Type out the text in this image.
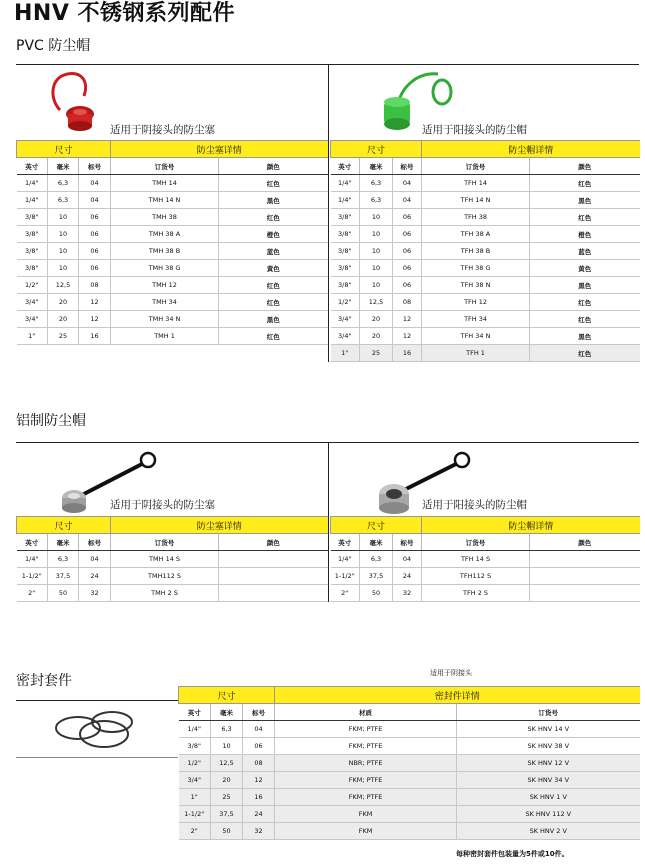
HNV 不锈钢系列配件
PVC 防尘帽
铝制防尘帽
密封套件
适用于阴接头的防尘塞	适用于阳接头的防尘帽
尺寸			防尘塞详情	
英寸	毫米	标号	订货号	颜色
1/4"	6,3	04	TMH 14	红色
1/4"	6,3	04	TMH 14 N	黑色
3/8"	10	06	TMH 38	红色
3/8"	10	06	TMH 38 A	橙色
3/8"	10	06	TMH 38 B	蓝色
3/8"	10	06	TMH 38 G	黄色
1/2"	12,5	08	TMH 12	红色
3/4"	20	12	TMH 34	红色
3/4"	20	12	TMH 34 N	黑色
1"	25	16	TMH 1	红色
尺寸			防尘帽详情	
英寸	毫米	标号	订货号	颜色
1/4"	6,3	04	TFH 14	红色
1/4"	6,3	04	TFH 14 N	黑色
3/8"	10	06	TFH 38	红色
3/8"	10	06	TFH 38 A	橙色
3/8"	10	06	TFH 38 B	蓝色
3/8"	10	06	TFH 38 G	黄色
3/8"	10	06	TFH 38 N	黑色
1/2"	12,5	08	TFH 12	红色
3/4"	20	12	TFH 34	红色
3/4"	20	12	TFH 34 N	黑色
1"	25	16	TFH 1	红色
适用于阴接头的防尘塞	适用于阳接头的防尘帽
尺寸			防尘塞详情	
英寸	毫米	标号	订货号	颜色
1/4"	6,3	04	TMH 14 S	
1-1/2"	37,5	24	TMH112 S	
2"	50	32	TMH 2 S	
尺寸			防尘帽详情	
英寸	毫米	标号	订货号	颜色
1/4"	6,3	04	TFH 14 S	
1-1/2"	37,5	24	TFH112 S	
2"	50	32	TFH 2 S	
适用于阴接头
尺寸			密封件详情	
英寸	毫米	标号	材质	订货号
1/4"	6,3	04	FKM; PTFE	SK HNV 14 V
3/8"	10	06	FKM; PTFE	SK HNV 38 V
1/2"	12,5	08	NBR; PTFE	SK HNV 12 V
3/4"	20	12	FKM; PTFE	SK HNV 34 V
1"	25	16	FKM; PTFE	SK HNV 1 V
1-1/2"	37,5	24	FKM	SK HNV 112 V
2"	50	32	FKM	SK HNV 2 V
每种密封套件包装量为5件或10件。
